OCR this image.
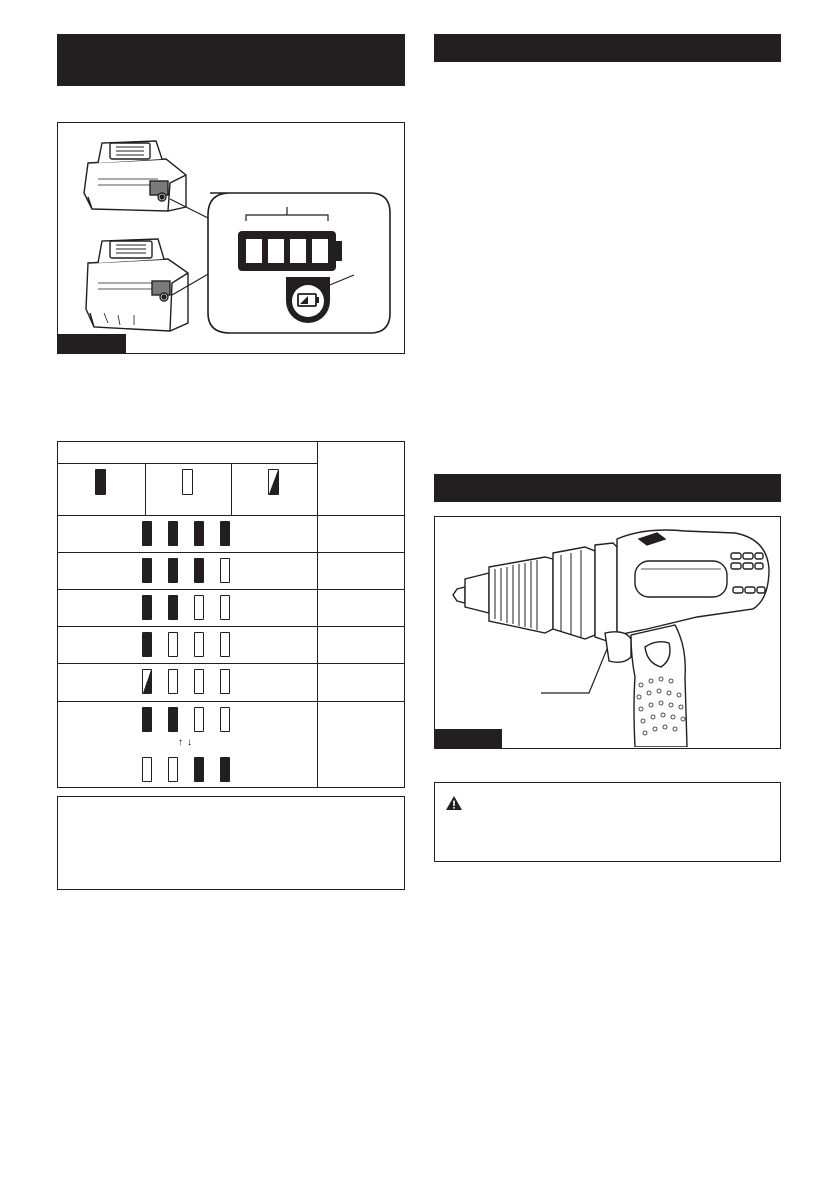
↑↓
